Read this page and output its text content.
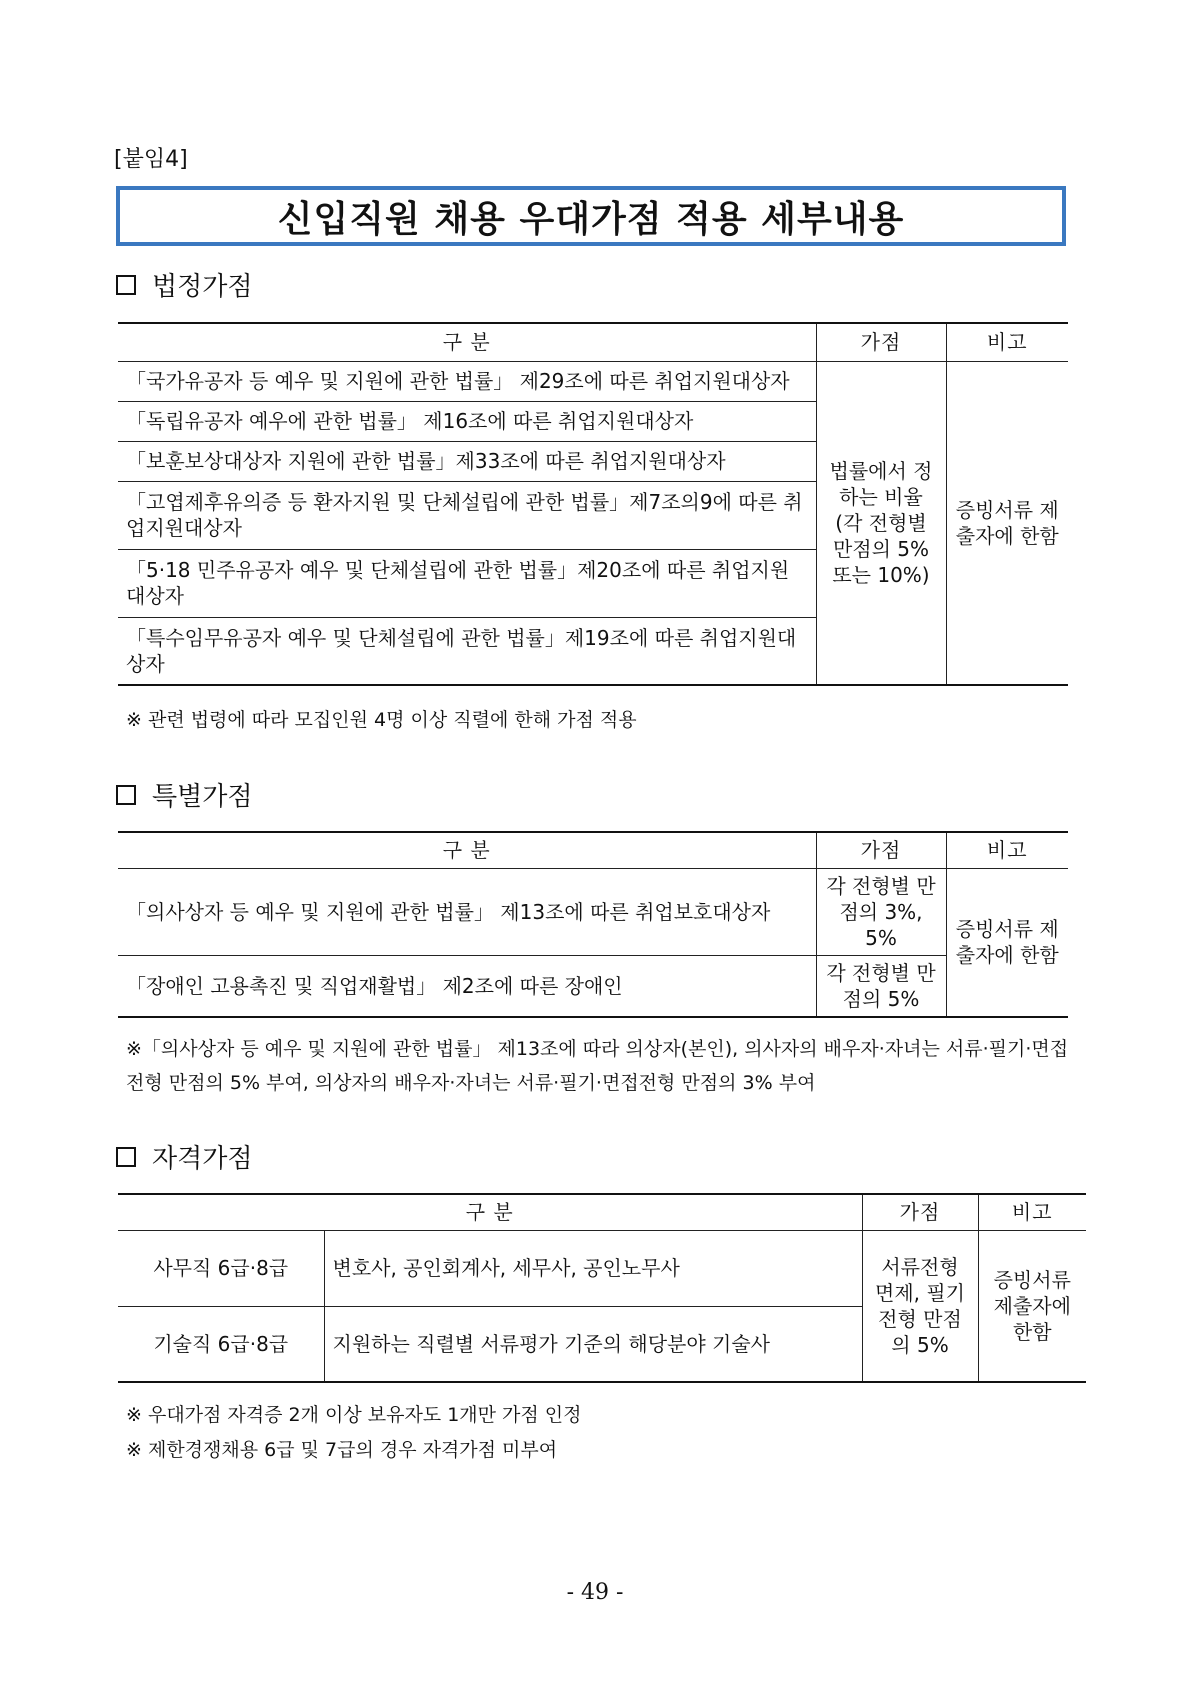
[붙임4]
신입직원 채용 우대가점 적용 세부내용
법정가점
구 분	가점	비고
「국가유공자 등 예우 및 지원에 관한 법률」 제29조에 따른 취업지원대상자	법률에서 정하는 비율 (각 전형별 만점의 5% 또는 10%)	증빙서류 제출자에 한함
「독립유공자 예우에 관한 법률」 제16조에 따른 취업지원대상자		
「보훈보상대상자 지원에 관한 법률」제33조에 따른 취업지원대상자		
「고엽제후유의증 등 환자지원 및 단체설립에 관한 법률」제7조의9에 따른 취업지원대상자		
「5·18 민주유공자 예우 및 단체설립에 관한 법률」제20조에 따른 취업지원대상자		
「특수임무유공자 예우 및 단체설립에 관한 법률」제19조에 따른 취업지원대상자		
※ 관련 법령에 따라 모집인원 4명 이상 직렬에 한해 가점 적용
특별가점
구 분	가점	비고
「의사상자 등 예우 및 지원에 관한 법률」 제13조에 따른 취업보호대상자	각 전형별 만점의 3%, 5%	증빙서류 제출자에 한함
「장애인 고용촉진 및 직업재활법」 제2조에 따른 장애인	각 전형별 만점의 5%	
※「의사상자 등 예우 및 지원에 관한 법률」 제13조에 따라 의상자(본인), 의사자의 배우자·자녀는 서류·필기·면접전형 만점의 5% 부여, 의상자의 배우자·자녀는 서류·필기·면접전형 만점의 3% 부여
자격가점
구 분		가점	비고
사무직 6급·8급	변호사, 공인회계사, 세무사, 공인노무사	서류전형 면제, 필기전형 만점의 5%	증빙서류 제출자에 한함
기술직 6급·8급	지원하는 직렬별 서류평가 기준의 해당분야 기술사		
※ 우대가점 자격증 2개 이상 보유자도 1개만 가점 인정
※ 제한경쟁채용 6급 및 7급의 경우 자격가점 미부여
- 49 -
